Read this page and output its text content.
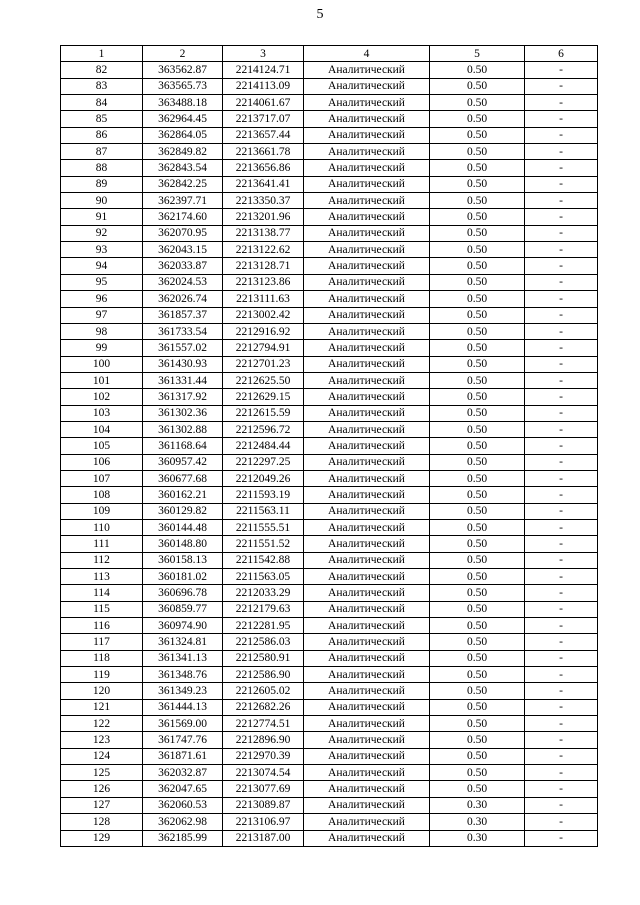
5
1	2	3	4	5	6
82	363562.87	2214124.71	Аналитический	0.50	-
83	363565.73	2214113.09	Аналитический	0.50	-
84	363488.18	2214061.67	Аналитический	0.50	-
85	362964.45	2213717.07	Аналитический	0.50	-
86	362864.05	2213657.44	Аналитический	0.50	-
87	362849.82	2213661.78	Аналитический	0.50	-
88	362843.54	2213656.86	Аналитический	0.50	-
89	362842.25	2213641.41	Аналитический	0.50	-
90	362397.71	2213350.37	Аналитический	0.50	-
91	362174.60	2213201.96	Аналитический	0.50	-
92	362070.95	2213138.77	Аналитический	0.50	-
93	362043.15	2213122.62	Аналитический	0.50	-
94	362033.87	2213128.71	Аналитический	0.50	-
95	362024.53	2213123.86	Аналитический	0.50	-
96	362026.74	2213111.63	Аналитический	0.50	-
97	361857.37	2213002.42	Аналитический	0.50	-
98	361733.54	2212916.92	Аналитический	0.50	-
99	361557.02	2212794.91	Аналитический	0.50	-
100	361430.93	2212701.23	Аналитический	0.50	-
101	361331.44	2212625.50	Аналитический	0.50	-
102	361317.92	2212629.15	Аналитический	0.50	-
103	361302.36	2212615.59	Аналитический	0.50	-
104	361302.88	2212596.72	Аналитический	0.50	-
105	361168.64	2212484.44	Аналитический	0.50	-
106	360957.42	2212297.25	Аналитический	0.50	-
107	360677.68	2212049.26	Аналитический	0.50	-
108	360162.21	2211593.19	Аналитический	0.50	-
109	360129.82	2211563.11	Аналитический	0.50	-
110	360144.48	2211555.51	Аналитический	0.50	-
111	360148.80	2211551.52	Аналитический	0.50	-
112	360158.13	2211542.88	Аналитический	0.50	-
113	360181.02	2211563.05	Аналитический	0.50	-
114	360696.78	2212033.29	Аналитический	0.50	-
115	360859.77	2212179.63	Аналитический	0.50	-
116	360974.90	2212281.95	Аналитический	0.50	-
117	361324.81	2212586.03	Аналитический	0.50	-
118	361341.13	2212580.91	Аналитический	0.50	-
119	361348.76	2212586.90	Аналитический	0.50	-
120	361349.23	2212605.02	Аналитический	0.50	-
121	361444.13	2212682.26	Аналитический	0.50	-
122	361569.00	2212774.51	Аналитический	0.50	-
123	361747.76	2212896.90	Аналитический	0.50	-
124	361871.61	2212970.39	Аналитический	0.50	-
125	362032.87	2213074.54	Аналитический	0.50	-
126	362047.65	2213077.69	Аналитический	0.50	-
127	362060.53	2213089.87	Аналитический	0.30	-
128	362062.98	2213106.97	Аналитический	0.30	-
129	362185.99	2213187.00	Аналитический	0.30	-
